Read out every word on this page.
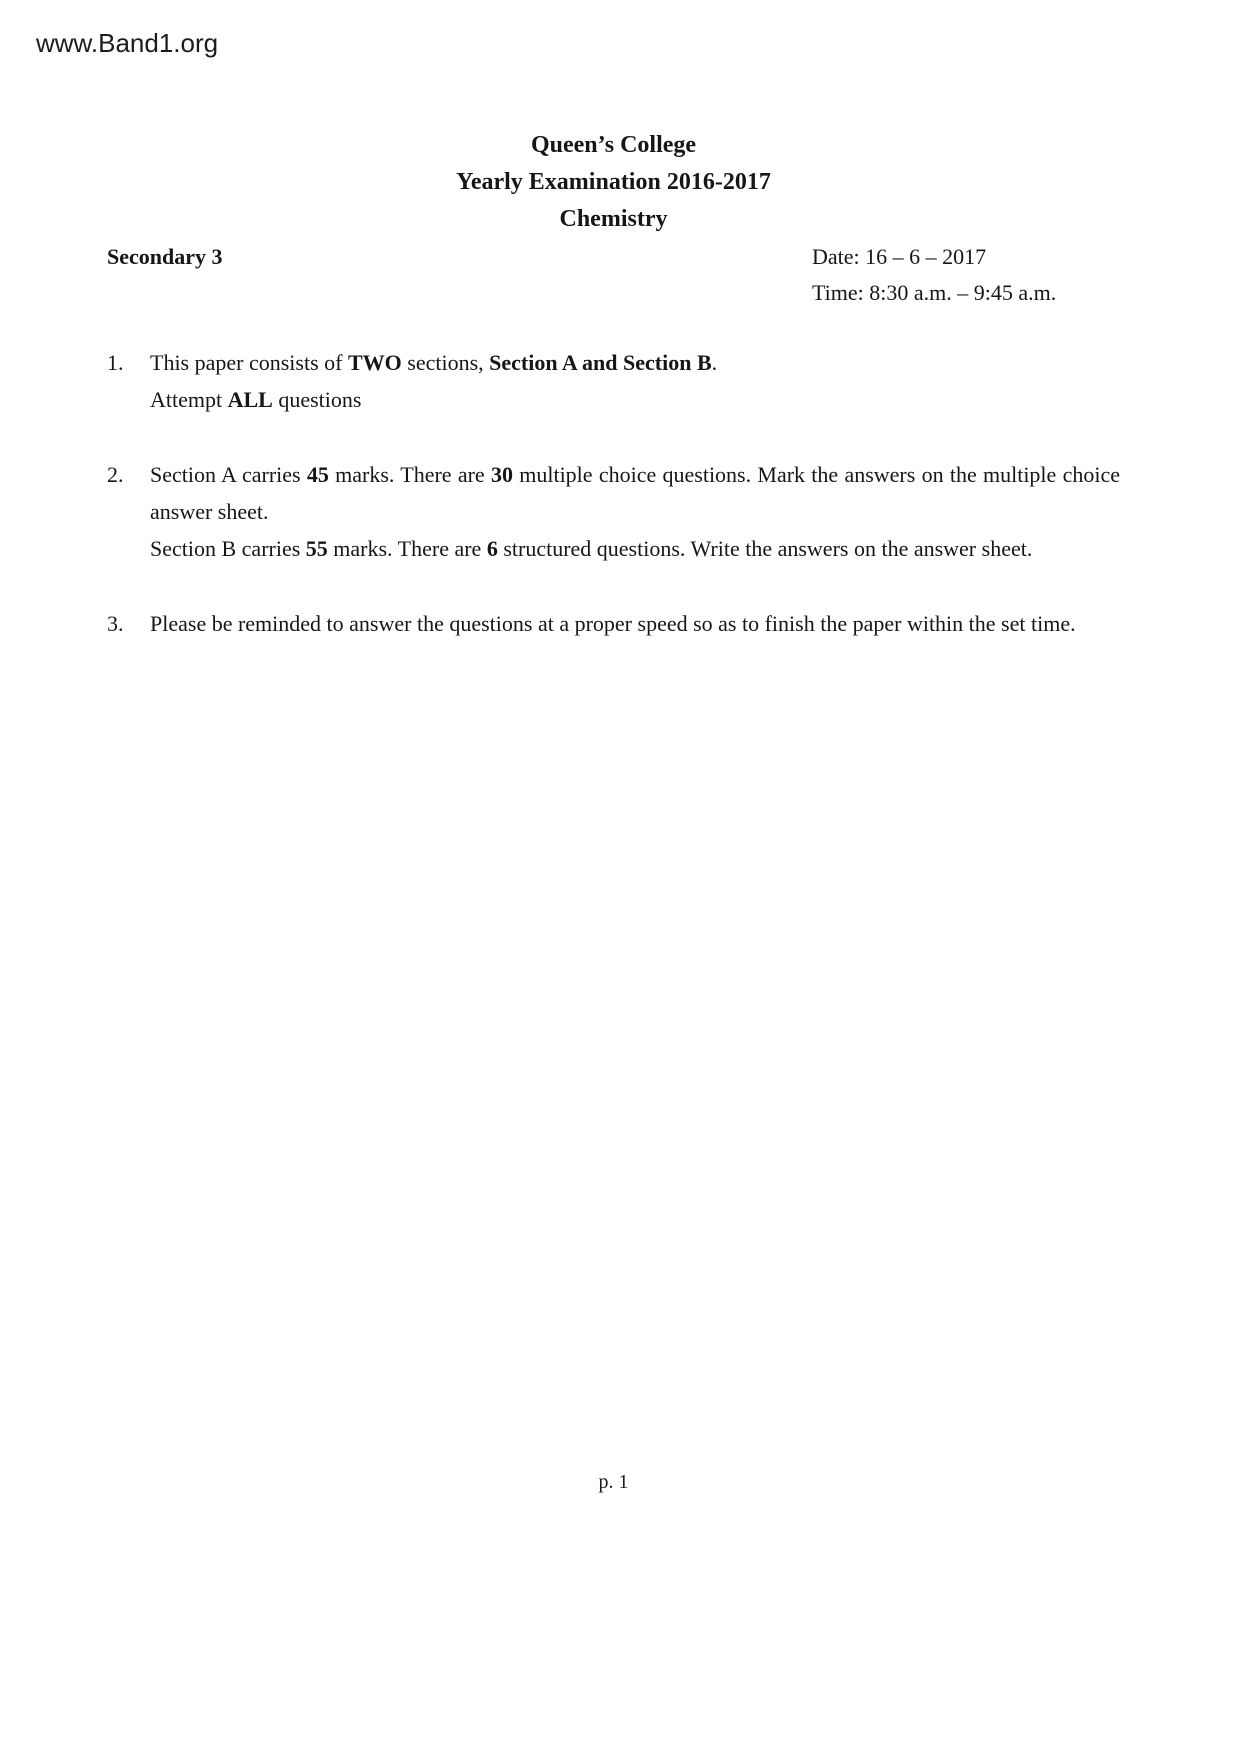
www.Band1.org
Queen’s College
Yearly Examination 2016-2017
Chemistry
Secondary 3	Date: 16 – 6 – 2017
Time: 8:30 a.m. – 9:45 a.m.
1.	This paper consists of TWO sections, Section A and Section B.

Attempt ALL questions

2.	Section A carries 45 marks. There are 30 multiple choice questions. Mark the answers on the multiple choice answer sheet.

Section B carries 55 marks. There are 6 structured questions. Write the answers on the answer sheet.

3.	Please be reminded to answer the questions at a proper speed so as to finish the paper within the set time.

p. 1
